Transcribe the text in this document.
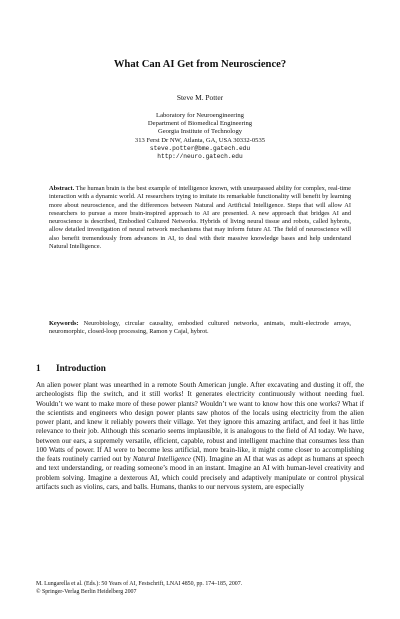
What Can AI Get from Neuroscience?
Steve M. Potter
Laboratory for Neuroengineering
Department of Biomedical Engineering
Georgia Institute of Technology
313 Ferst Dr NW, Atlanta, GA, USA 30332-0535
steve.potter@bme.gatech.edu
http://neuro.gatech.edu
Abstract. The human brain is the best example of intelligence known, with unsurpassed ability for complex, real-time interaction with a dynamic world. AI researchers trying to imitate its remarkable functionality will benefit by learning more about neuroscience, and the differences between Natural and Artificial Intelligence. Steps that will allow AI researchers to pursue a more brain-inspired approach to AI are presented. A new approach that bridges AI and neuroscience is described, Embodied Cultured Networks. Hybrids of living neural tissue and robots, called hybrots, allow detailed investigation of neural network mechanisms that may inform future AI. The field of neuroscience will also benefit tremendously from advances in AI, to deal with their massive knowledge bases and help understand Natural Intelligence.
Keywords: Neurobiology, circular causality, embodied cultured networks, animats, multi-electrode arrays, neuromorphic, closed-loop processing, Ramon y Cajal, hybrot.
1 Introduction
An alien power plant was unearthed in a remote South American jungle. After excavating and dusting it off, the archeologists flip the switch, and it still works! It generates electricity continuously without needing fuel. Wouldn’t we want to make more of these power plants? Wouldn’t we want to know how this one works? What if the scientists and engineers who design power plants saw photos of the locals using electricity from the alien power plant, and knew it reliably powers their village. Yet they ignore this amazing artifact, and feel it has little relevance to their job. Although this scenario seems implausible, it is analogous to the field of AI today. We have, between our ears, a supremely versatile, efficient, capable, robust and intelligent machine that consumes less than 100 Watts of power. If AI were to become less artificial, more brain-like, it might come closer to accomplishing the feats routinely carried out by Natural Intelligence (NI). Imagine an AI that was as adept as humans at speech and text understanding, or reading someone’s mood in an instant. Imagine an AI with human-level creativity and problem solving. Imagine a dexterous AI, which could precisely and adaptively manipulate or control physical artifacts such as violins, cars, and balls. Humans, thanks to our nervous system, are especially
M. Lungarella et al. (Eds.): 50 Years of AI, Festschrift, LNAI 4850, pp. 174–185, 2007.
© Springer-Verlag Berlin Heidelberg 2007
